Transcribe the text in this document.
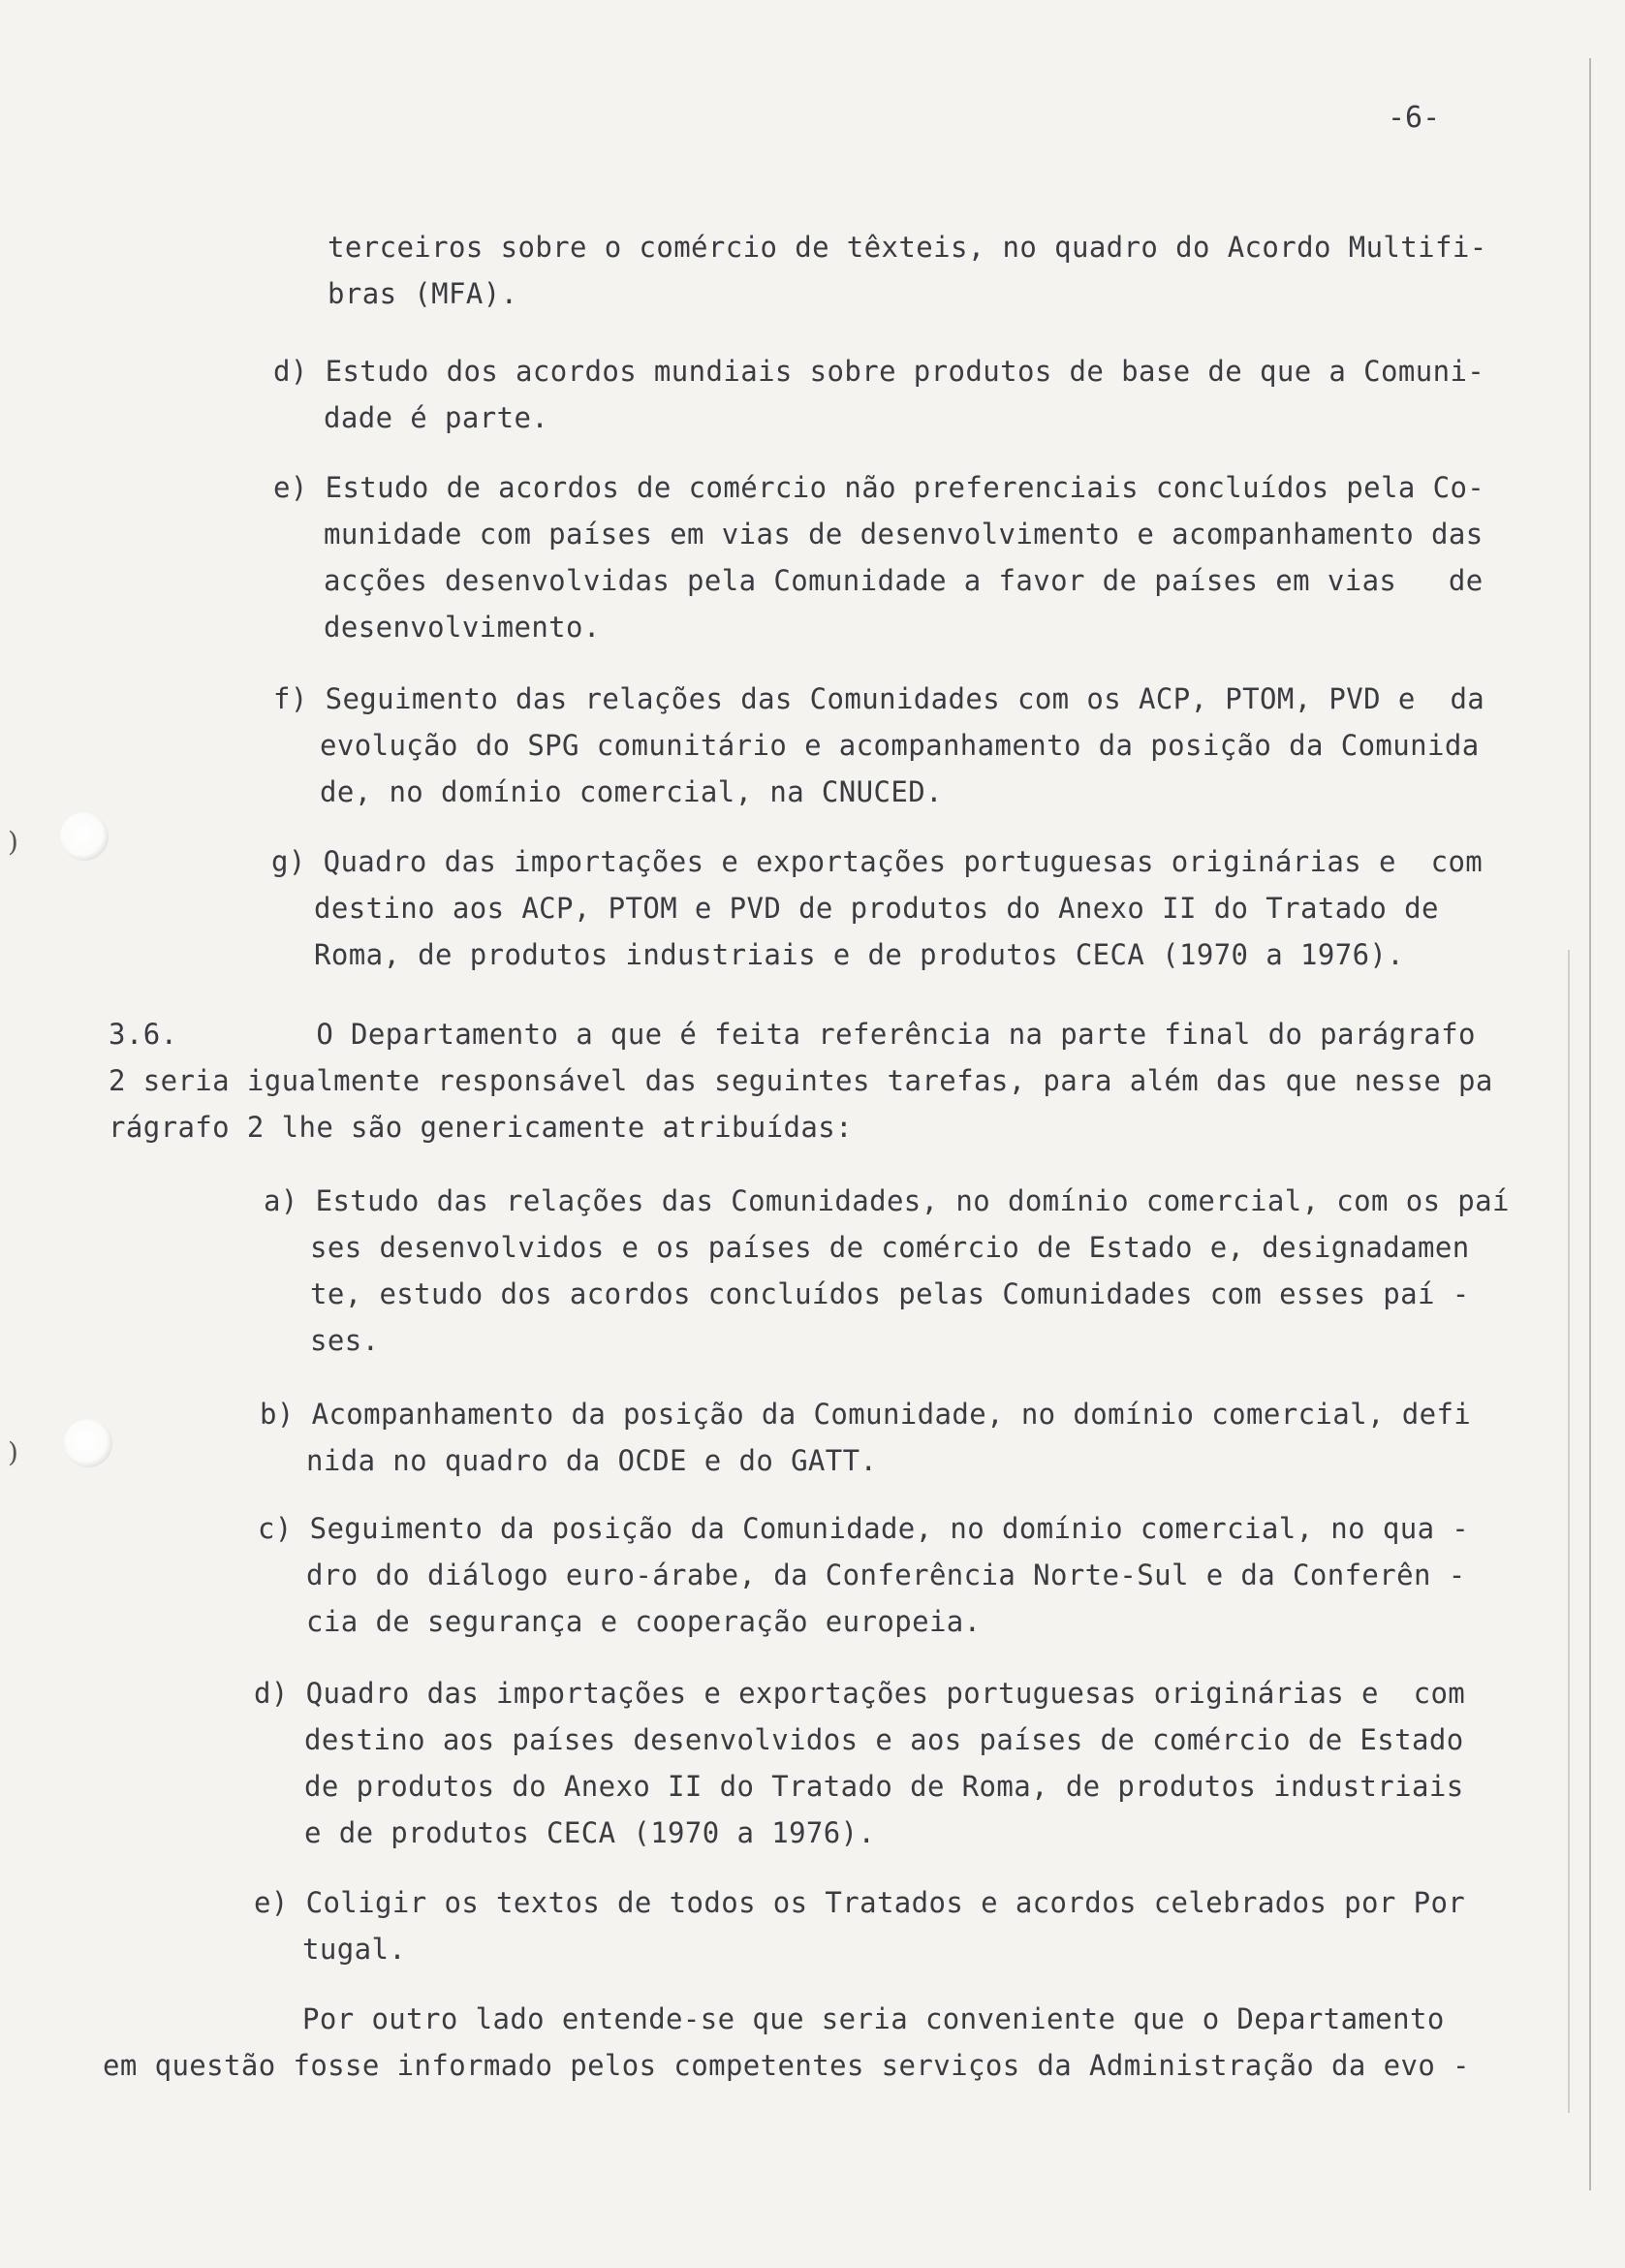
-6-
)
)
terceiros sobre o comércio de têxteis, no quadro do Acordo Multifi-
bras (MFA).
d) Estudo dos acordos mundiais sobre produtos de base de que a Comuni-
dade é parte.
e) Estudo de acordos de comércio não preferenciais concluídos pela Co-
munidade com países em vias de desenvolvimento e acompanhamento das
acções desenvolvidas pela Comunidade a favor de países em vias   de
desenvolvimento.
f) Seguimento das relações das Comunidades com os ACP, PTOM, PVD e  da
evolução do SPG comunitário e acompanhamento da posição da Comunida
de, no domínio comercial, na CNUCED.
g) Quadro das importações e exportações portuguesas originárias e  com
destino aos ACP, PTOM e PVD de produtos do Anexo II do Tratado de
Roma, de produtos industriais e de produtos CECA (1970 a 1976).
3.6.        O Departamento a que é feita referência na parte final do parágrafo
2 seria igualmente responsável das seguintes tarefas, para além das que nesse pa
rágrafo 2 lhe são genericamente atribuídas:
a) Estudo das relações das Comunidades, no domínio comercial, com os paí
ses desenvolvidos e os países de comércio de Estado e, designadamen
te, estudo dos acordos concluídos pelas Comunidades com esses paí -
ses.
b) Acompanhamento da posição da Comunidade, no domínio comercial, defi
nida no quadro da OCDE e do GATT.
c) Seguimento da posição da Comunidade, no domínio comercial, no qua -
dro do diálogo euro-árabe, da Conferência Norte-Sul e da Conferên -
cia de segurança e cooperação europeia.
d) Quadro das importações e exportações portuguesas originárias e  com
destino aos países desenvolvidos e aos países de comércio de Estado
de produtos do Anexo II do Tratado de Roma, de produtos industriais
e de produtos CECA (1970 a 1976).
e) Coligir os textos de todos os Tratados e acordos celebrados por Por
tugal.
Por outro lado entende-se que seria conveniente que o Departamento
em questão fosse informado pelos competentes serviços da Administração da evo -
